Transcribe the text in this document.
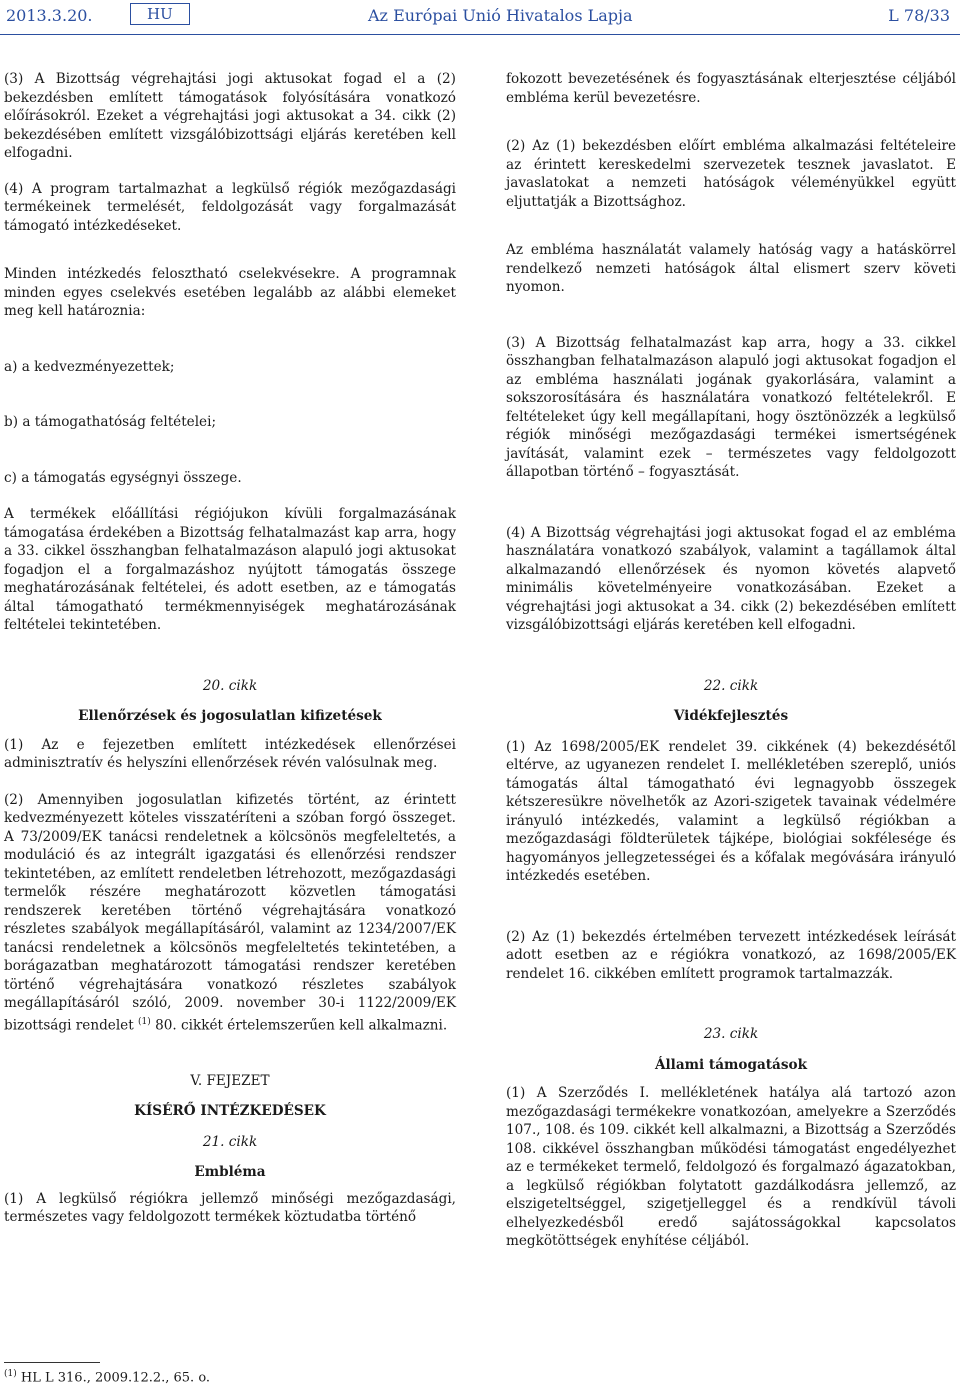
2013.3.20.	HU	Az Európai Unió Hivatalos Lapja	L 78/33

(3) A Bizottság végrehajtási jogi aktusokat fogad el a (2) bekezdésben említett támogatások folyósítására vonatkozó előírásokról. Ezeket a végrehajtási jogi aktusokat a 34. cikk (2) bekezdésében említett vizsgálóbizottsági eljárás keretében kell elfogadni.

(4) A program tartalmazhat a legkülső régiók mezőgazdasági termékeinek termelését, feldolgozását vagy forgalmazását támogató intézkedéseket.

Minden intézkedés felosztható cselekvésekre. A programnak minden egyes cselekvés esetében legalább az alábbi elemeket meg kell határoznia:

a) a kedvezményezettek;

b) a támogathatóság feltételei;

c) a támogatás egységnyi összege.

A termékek előállítási régiójukon kívüli forgalmazásának támogatása érdekében a Bizottság felhatalmazást kap arra, hogy a 33. cikkel összhangban felhatalmazáson alapuló jogi aktusokat fogadjon el a forgalmazáshoz nyújtott támogatás összege meghatározásának feltételei, és adott esetben, az e támogatás által támogatható termékmennyiségek meghatározásának feltételei tekintetében.

20. cikk

Ellenőrzések és jogosulatlan kifizetések

(1) Az e fejezetben említett intézkedések ellenőrzései adminisztratív és helyszíni ellenőrzések révén valósulnak meg.

(2) Amennyiben jogosulatlan kifizetés történt, az érintett kedvezményezett köteles visszatéríteni a szóban forgó összeget. A 73/2009/EK tanácsi rendeletnek a kölcsönös megfeleltetés, a moduláció és az integrált igazgatási és ellenőrzési rendszer tekintetében, az említett rendeletben létrehozott, mezőgazdasági termelők részére meghatározott közvetlen támogatási rendszerek keretében történő végrehajtására vonatkozó részletes szabályok megállapításáról, valamint az 1234/2007/EK tanácsi rendeletnek a kölcsönös megfeleltetés tekintetében, a borágazatban meghatározott támogatási rendszer keretében történő végrehajtására vonatkozó részletes szabályok megállapításáról szóló, 2009. november 30-i 1122/2009/EK bizottsági rendelet $^{(1)}$ 80. cikkét értelemszerűen kell alkalmazni.

V. FEJEZET

KÍSÉRŐ INTÉZKEDÉSEK

21. cikk

Embléma

(1) A legkülső régiókra jellemző minőségi mezőgazdasági, természetes vagy feldolgozott termékek köztudatba történő

fokozott bevezetésének és fogyasztásának elterjesztése céljából embléma kerül bevezetésre.

(2) Az (1) bekezdésben előírt embléma alkalmazási feltételeire az érintett kereskedelmi szervezetek tesznek javaslatot. E javaslatokat a nemzeti hatóságok véleményükkel együtt eljuttatják a Bizottsághoz.

Az embléma használatát valamely hatóság vagy a hatáskörrel rendelkező nemzeti hatóságok által elismert szerv követi nyomon.

(3) A Bizottság felhatalmazást kap arra, hogy a 33. cikkel összhangban felhatalmazáson alapuló jogi aktusokat fogadjon el az embléma használati jogának gyakorlására, valamint a sokszorosítására és használatára vonatkozó feltételekről. E feltételeket úgy kell megállapítani, hogy ösztönözzék a legkülső régiók minőségi mezőgazdasági termékei ismertségének javítását, valamint ezek – természetes vagy feldolgozott állapotban történő – fogyasztását.

(4) A Bizottság végrehajtási jogi aktusokat fogad el az embléma használatára vonatkozó szabályok, valamint a tagállamok által alkalmazandó ellenőrzések és nyomon követés alapvető minimális követelményeire vonatkozásában. Ezeket a végrehajtási jogi aktusokat a 34. cikk (2) bekezdésében említett vizsgálóbizottsági eljárás keretében kell elfogadni.

22. cikk

Vidékfejlesztés

(1) Az 1698/2005/EK rendelet 39. cikkének (4) bekezdésétől eltérve, az ugyanezen rendelet I. mellékletében szereplő, uniós támogatás által támogatható évi legnagyobb összegek kétszeresükre növelhetők az Azori-szigetek tavainak védelmére irányuló intézkedés, valamint a legkülső régiókban a mezőgazdasági földterületek tájképe, biológiai sokfélesége és hagyományos jellegzetességei és a kőfalak megóvására irányuló intézkedés esetében.

(2) Az (1) bekezdés értelmében tervezett intézkedések leírását adott esetben az e régiókra vonatkozó, az 1698/2005/EK rendelet 16. cikkében említett programok tartalmazzák.

23. cikk

Állami támogatások

(1) A Szerződés I. mellékletének hatálya alá tartozó azon mezőgazdasági termékekre vonatkozóan, amelyekre a Szerződés 107., 108. és 109. cikkét kell alkalmazni, a Bizottság a Szerződés 108. cikkével összhangban működési támogatást engedélyezhet az e termékeket termelő, feldolgozó és forgalmazó ágazatokban, a legkülső régiókban folytatott gazdálkodásra jellemző, az elszigeteltséggel, szigetjelleggel és a rendkívül távoli elhelyezkedésből eredő sajátosságokkal kapcsolatos megkötöttségek enyhítése céljából.

$^{(1)}$ HL L 316., 2009.12.2., 65. o.
